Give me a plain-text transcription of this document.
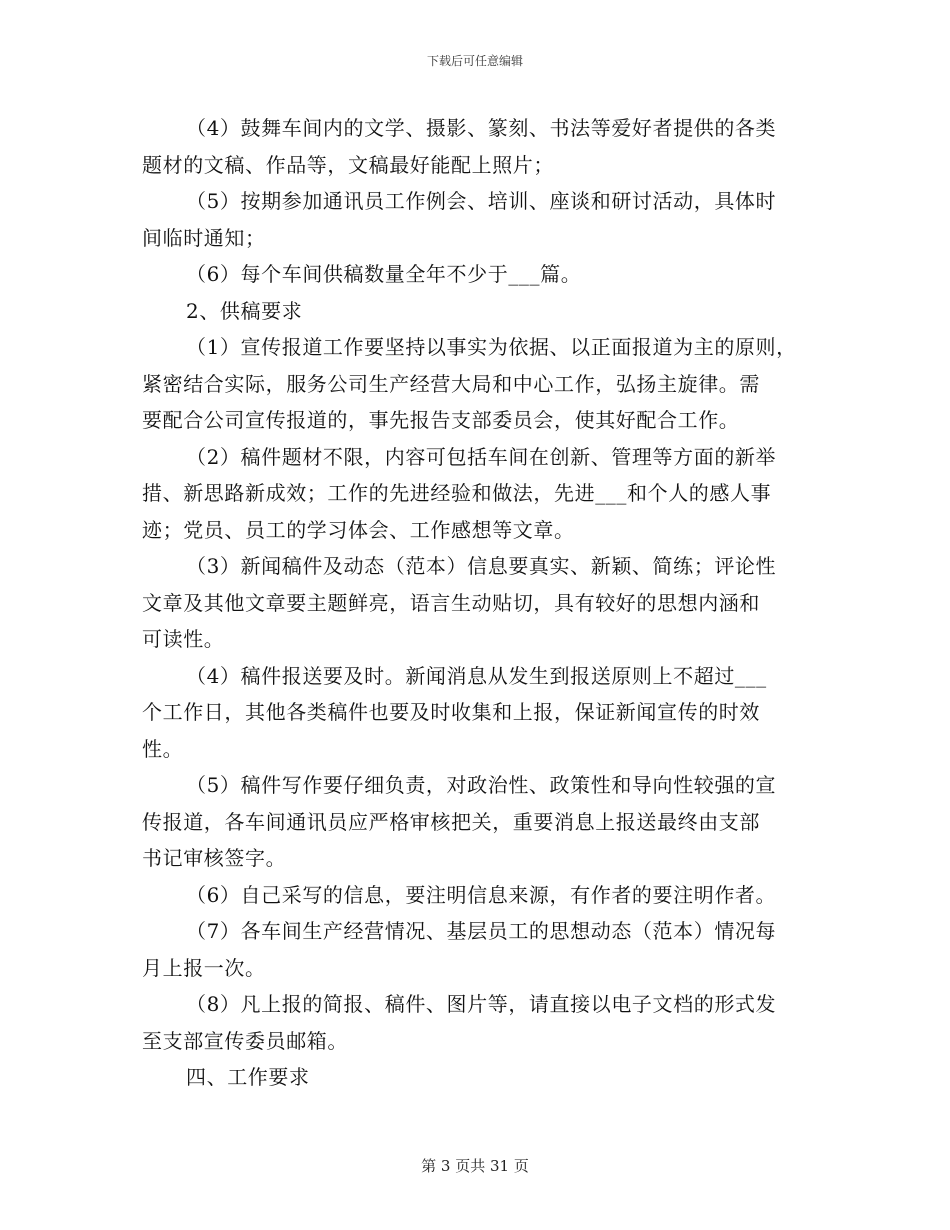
下载后可任意编辑
（4）鼓舞车间内的文学、摄影、篆刻、书法等爱好者提供的各类
题材的文稿、作品等，文稿最好能配上照片；
（5）按期参加通讯员工作例会、培训、座谈和研讨活动，具体时
间临时通知；
（6）每个车间供稿数量全年不少于___篇。
2、供稿要求
（1）宣传报道工作要坚持以事实为依据、以正面报道为主的原则，
紧密结合实际，服务公司生产经营大局和中心工作，弘扬主旋律。需
要配合公司宣传报道的，事先报告支部委员会，使其好配合工作。
（2）稿件题材不限，内容可包括车间在创新、管理等方面的新举
措、新思路新成效；工作的先进经验和做法，先进___和个人的感人事
迹；党员、员工的学习体会、工作感想等文章。
（3）新闻稿件及动态（范本）信息要真实、新颖、简练；评论性
文章及其他文章要主题鲜亮，语言生动贴切，具有较好的思想内涵和
可读性。
（4）稿件报送要及时。新闻消息从发生到报送原则上不超过___
个工作日，其他各类稿件也要及时收集和上报，保证新闻宣传的时效
性。
（5）稿件写作要仔细负责，对政治性、政策性和导向性较强的宣
传报道，各车间通讯员应严格审核把关，重要消息上报送最终由支部
书记审核签字。
（6）自己采写的信息，要注明信息来源，有作者的要注明作者。
（7）各车间生产经营情况、基层员工的思想动态（范本）情况每
月上报一次。
（8）凡上报的简报、稿件、图片等，请直接以电子文档的形式发
至支部宣传委员邮箱。
四、工作要求
第 3 页共 31 页
